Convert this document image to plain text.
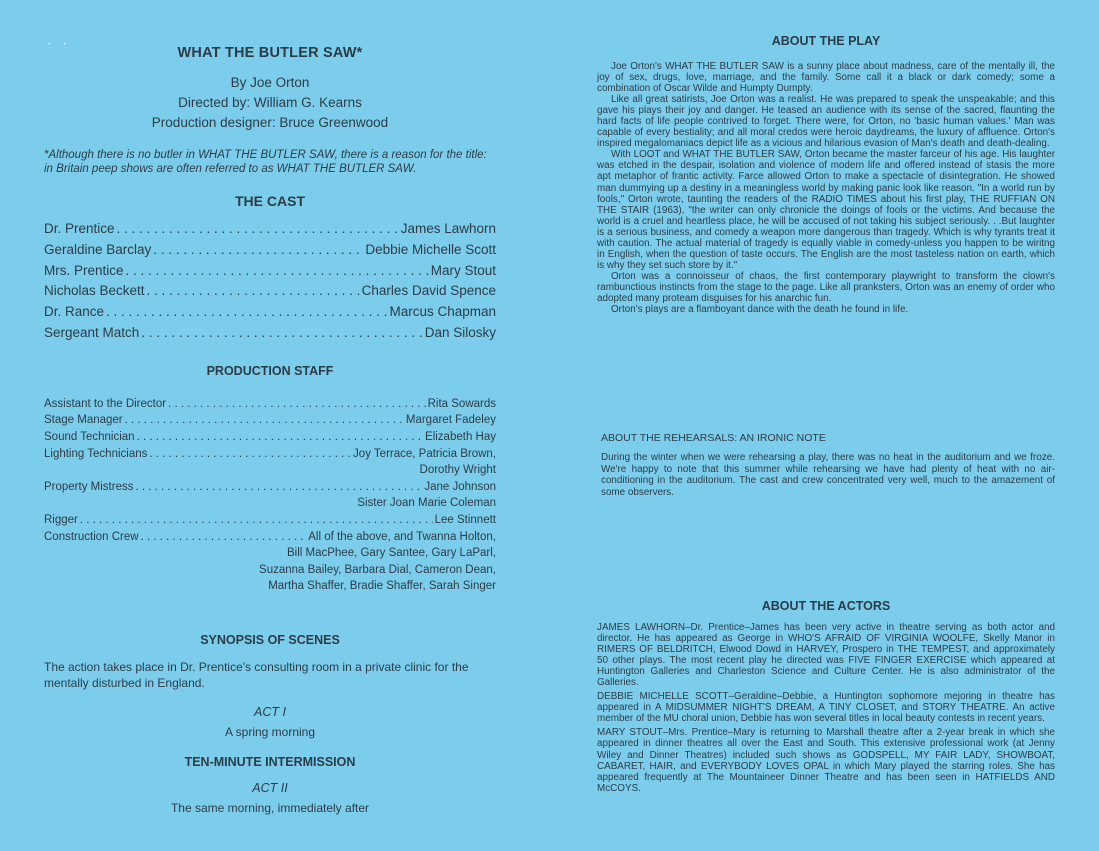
• •	WHAT THE BUTLER SAW*
By Joe Orton
Directed by: William G. Kearns
Production designer: Bruce Greenwood
*Although there is no butler in WHAT THE BUTLER SAW, there is a reason for the title: in Britain peep shows are often referred to as WHAT THE BUTLER SAW.
THE CAST
Dr. Prentice . . .	James Lawhorn
Geraldine Barclay . . .	Debbie Michelle Scott
Mrs. Prentice . . .	Mary Stout
Nicholas Beckett . . .	Charles David Spence
Dr. Rance . . .	Marcus Chapman
Sergeant Match . . .	Dan Silosky
PRODUCTION STAFF
Assistant to the Director . . .	Rita Sowards
Stage Manager . . .	Margaret Fadeley
Sound Technician . . .	Elizabeth Hay
Lighting Technicians . . .	Joy Terrace, Patricia Brown,
Dorothy Wright
Property Mistress . . .	Jane Johnson
Sister Joan Marie Coleman
Rigger . . .	Lee Stinnett
Construction Crew . . .	All of the above, and Twanna Holton,
Bill MacPhee, Gary Santee, Gary LaParl,
Suzanna Bailey, Barbara Dial, Cameron Dean,
Martha Shaffer, Bradie Shaffer, Sarah Singer
SYNOPSIS OF SCENES
The action takes place in Dr. Prentice's consulting room in a private clinic for the mentally disturbed in England.
ACT I
A spring morning
TEN-MINUTE INTERMISSION
ACT II
The same morning, immediately after
ABOUT THE PLAY

Joe Orton's WHAT THE BUTLER SAW is a sunny place about madness, care of the mentally ill, the joy of sex, drugs, love, marriage, and the family. Some call it a black or dark comedy; some a combination of Oscar Wilde and Humpty Dumpty.

Like all great satirists, Joe Orton was a realist. He was prepared to speak the unspeakable; and this gave his plays their joy and danger. He teased an audience with its sense of the sacred, flaunting the hard facts of life people contrived to forget. There were, for Orton, no 'basic human values.' Man was capable of every bestiality; and all moral credos were heroic daydreams, the luxury of affluence. Orton's inspired megalomaniacs depict life as a vicious and hilarious evasion of Man's death and death-dealing.

With LOOT and WHAT THE BUTLER SAW, Orton became the master farceur of his age. His laughter was etched in the despair, isolation and violence of modern life and offered instead of stasis the more apt metaphor of frantic activity. Farce allowed Orton to make a spectacle of disintegration. He showed man dummying up a destiny in a meaningless world by making panic look like reason. "In a world run by fools," Orton wrote, taunting the readers of the RADIO TIMES about his first play, THE RUFFIAN ON THE STAIR (1963), "the writer can only chronicle the doings of fools or the victims. And because the world is a cruel and heartless place, he will be accused of not taking his subject seriously. . .But laughter is a serious business, and comedy a weapon more dangerous than tragedy. Which is why tyrants treat it with caution. The actual material of tragedy is equally viable in comedy-unless you happen to be wiritng in English, when the question of taste occurs. The English are the most tasteless nation on earth, which is why they set such store by it."

Orton was a connoisseur of chaos, the first contemporary playwright to transform the clown's rambunctious instincts from the stage to the page. Like all pranksters, Orton was an enemy of order who adopted many proteam disguises for his anarchic fun.

Orton's plays are a flamboyant dance with the death he found in life.

ABOUT THE REHEARSALS: AN IRONIC NOTE
During the winter when we were rehearsing a play, there was no heat in the auditorium and we froze. We're happy to note that this summer while rehearsing we have had plenty of heat with no air-conditioning in the auditorium. The cast and crew concentrated very well, much to the amazement of some observers.
ABOUT THE ACTORS

JAMES LAWHORN–Dr. Prentice–James has been very active in theatre serving as both actor and director. He has appeared as George in WHO'S AFRAID OF VIRGINIA WOOLFE, Skelly Manor in RIMERS OF BELDRITCH, Elwood Dowd in HARVEY, Prospero in THE TEMPEST, and approximately 50 other plays. The most recent play he directed was FIVE FINGER EXERCISE which appeared at Huntington Galleries and Charleston Science and Culture Center. He is also administrator of the Galleries.

DEBBIE MICHELLE SCOTT–Geraldine–Debbie, a Huntington sophomore mejoring in theatre has appeared in A MIDSUMMER NIGHT'S DREAM, A TINY CLOSET, and STORY THEATRE. An active member of the MU choral union, Debbie has won several titles in local beauty contests in recent years.

MARY STOUT–Mrs. Prentice–Mary is returning to Marshall theatre after a 2-year break in which she appeared in dinner theatres all over the East and South. This extensive professional work (at Jenny Wiley and Dinner Theatres) included such shows as GODSPELL, MY FAIR LADY, SHOWBOAT, CABARET, HAIR, and EVERYBODY LOVES OPAL in which Mary played the starring roles. She has appeared frequently at The Mountaineer Dinner Theatre and has been seen in HATFIELDS AND McCOYS.
